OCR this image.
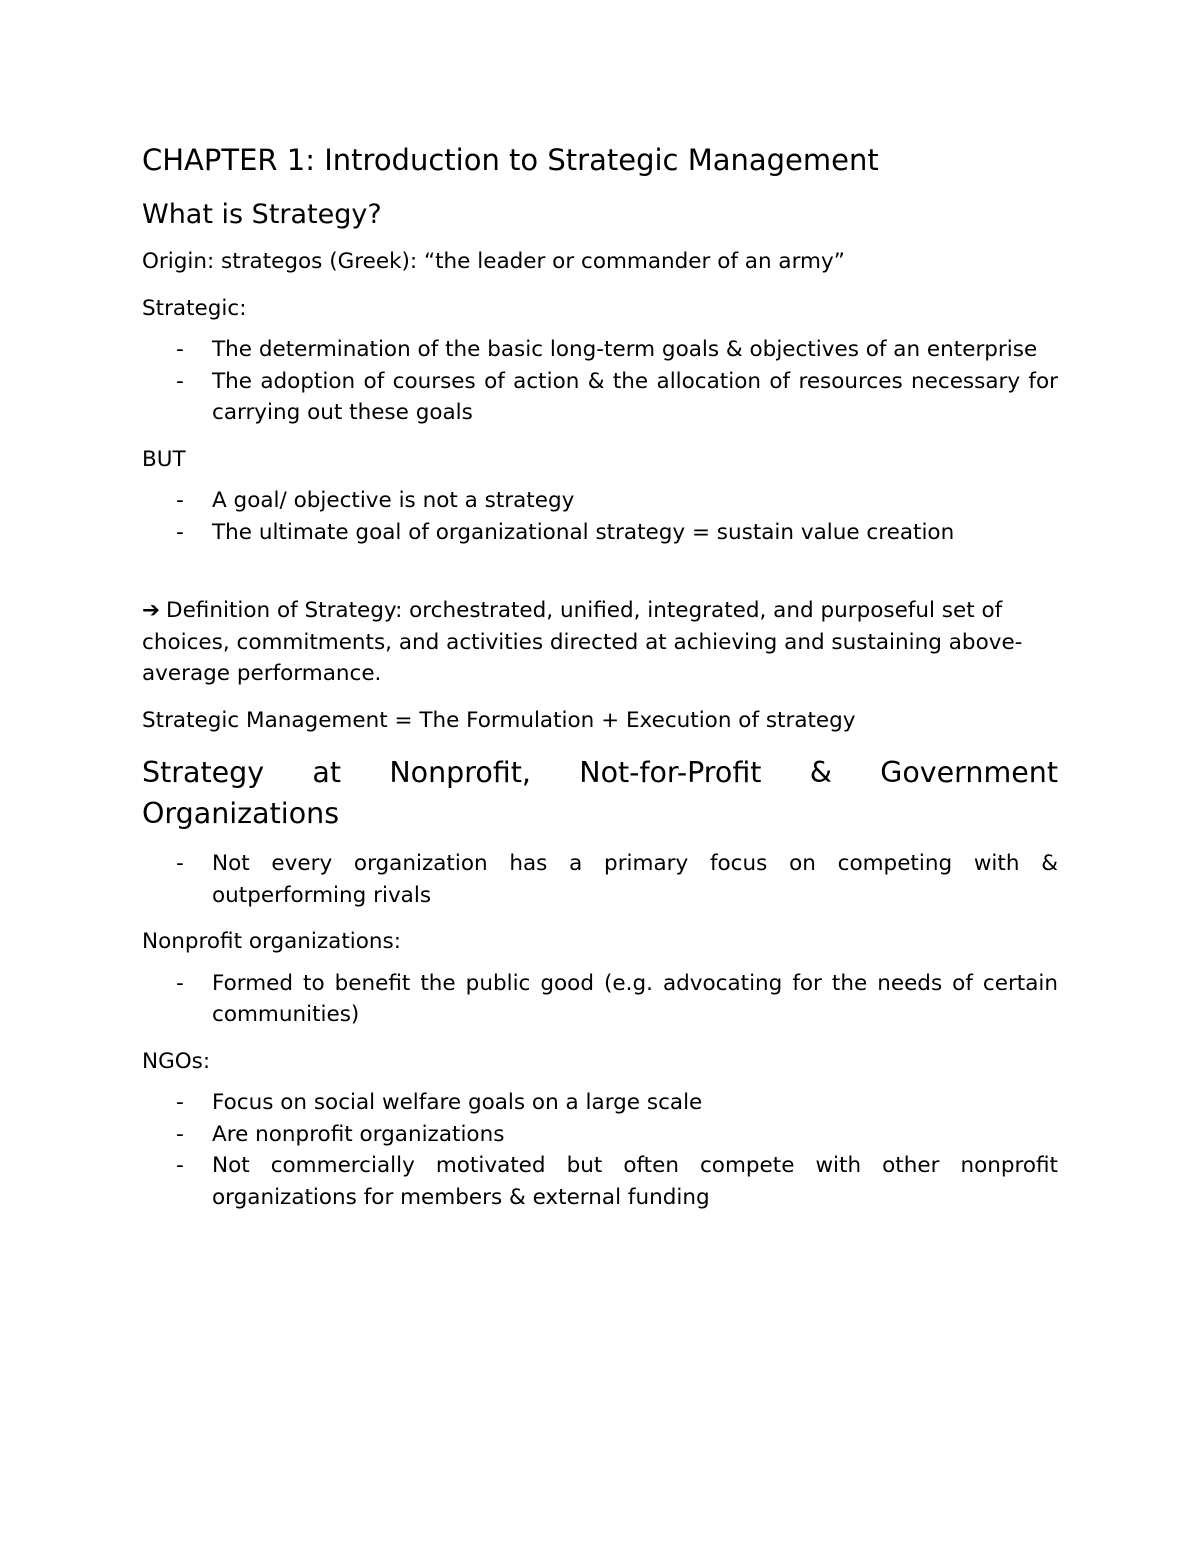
CHAPTER 1: Introduction to Strategic Management
What is Strategy?
Origin: strategos (Greek): “the leader or commander of an army”
Strategic:
- The determination of the basic long-term goals & objectives of an enterprise
- The adoption of courses of action & the allocation of resources necessary for carrying out these goals
BUT
- A goal/ objective is not a strategy
- The ultimate goal of organizational strategy = sustain value creation
➔ Definition of Strategy: orchestrated, unified, integrated, and purposeful set of
choices, commitments, and activities directed at achieving and sustaining above-
average performance.
Strategic Management = The Formulation + Execution of strategy
Strategy at Nonprofit, Not-for-Profit & Government Organizations
- Not every organization has a primary focus on competing with & outperforming rivals
Nonprofit organizations:
- Formed to benefit the public good (e.g. advocating for the needs of certain communities)
NGOs:
- Focus on social welfare goals on a large scale
- Are nonprofit organizations
- Not commercially motivated but often compete with other nonprofit organizations for members & external funding
